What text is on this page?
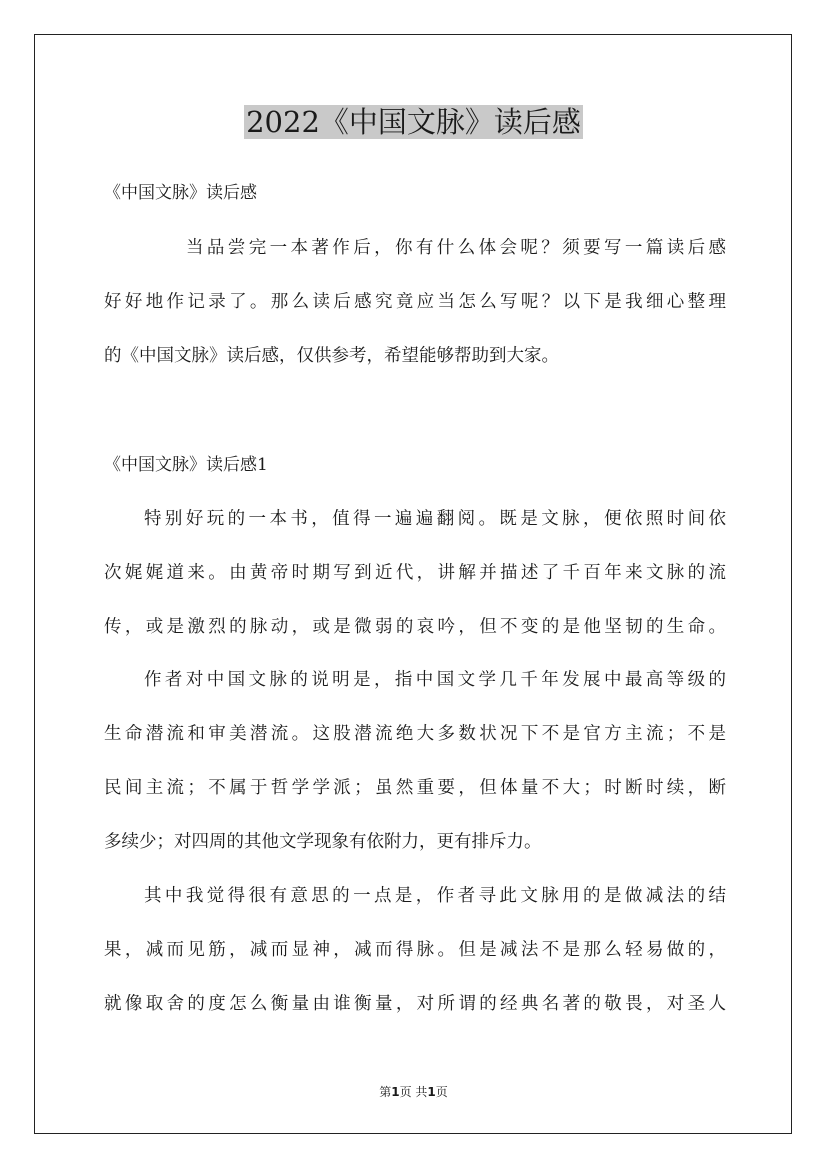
2022《中国文脉》读后感

《中国文脉》读后感

当品尝完一本著作后，你有什么体会呢？须要写一篇读后感

好好地作记录了。那么读后感究竟应当怎么写呢？以下是我细心整理

的《中国文脉》读后感，仅供参考，希望能够帮助到大家。

《中国文脉》读后感1

特别好玩的一本书，值得一遍遍翻阅。既是文脉，便依照时间依

次娓娓道来。由黄帝时期写到近代，讲解并描述了千百年来文脉的流

传，或是激烈的脉动，或是微弱的哀吟，但不变的是他坚韧的生命。

作者对中国文脉的说明是，指中国文学几千年发展中最高等级的

生命潜流和审美潜流。这股潜流绝大多数状况下不是官方主流；不是

民间主流；不属于哲学学派；虽然重要，但体量不大；时断时续，断

多续少；对四周的其他文学现象有依附力，更有排斥力。

其中我觉得很有意思的一点是，作者寻此文脉用的是做减法的结

果，减而见筋，减而显神，减而得脉。但是减法不是那么轻易做的，

就像取舍的度怎么衡量由谁衡量，对所谓的经典名著的敬畏，对圣人

第1页 共1页
